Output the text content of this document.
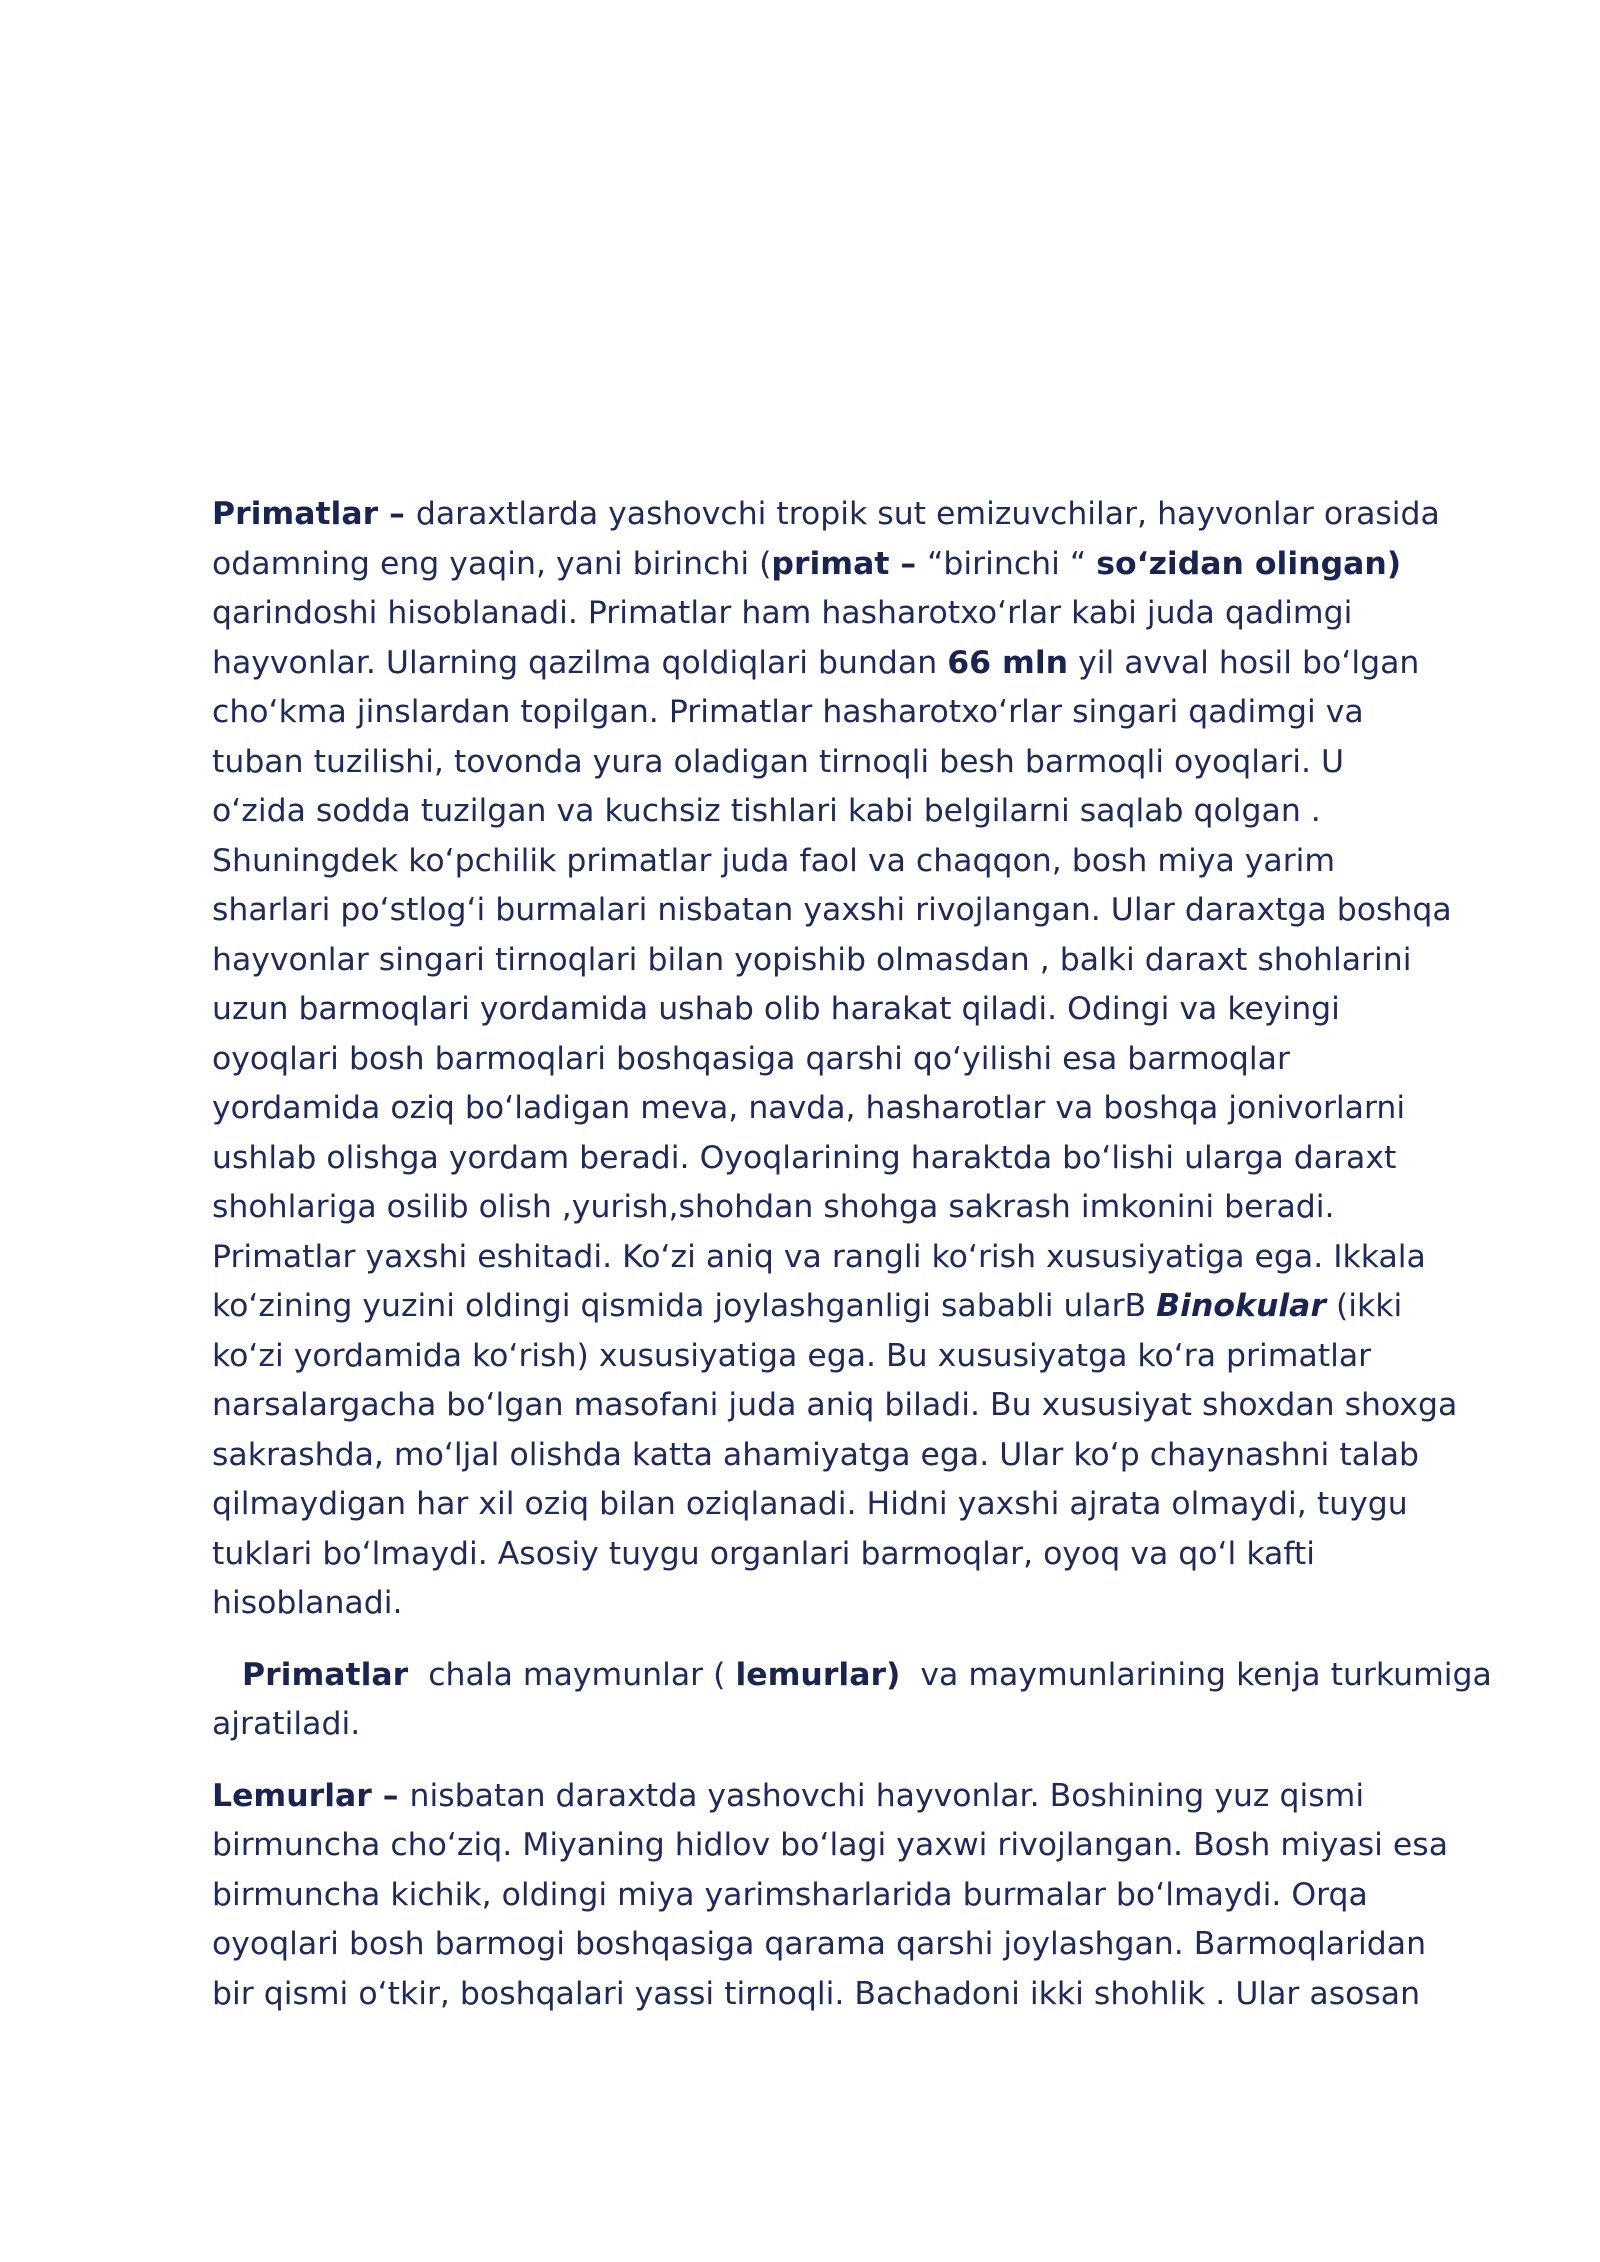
Primatlar – daraxtlarda yashovchi tropik sut emizuvchilar, hayvonlar orasida
odamning eng yaqin, yani birinchi (primat – “birinchi “ so‘zidan olingan)
qarindoshi hisoblanadi. Primatlar ham hasharotxo‘rlar kabi juda qadimgi
hayvonlar. Ularning qazilma qoldiqlari bundan 66 mln yil avval hosil bo‘lgan
cho‘kma jinslardan topilgan. Primatlar hasharotxo‘rlar singari qadimgi va
tuban tuzilishi, tovonda yura oladigan tirnoqli besh barmoqli oyoqlari. U
o‘zida sodda tuzilgan va kuchsiz tishlari kabi belgilarni saqlab qolgan .
Shuningdek ko‘pchilik primatlar juda faol va chaqqon, bosh miya yarim
sharlari po‘stlog‘i burmalari nisbatan yaxshi rivojlangan. Ular daraxtga boshqa
hayvonlar singari tirnoqlari bilan yopishib olmasdan , balki daraxt shohlarini
uzun barmoqlari yordamida ushab olib harakat qiladi. Odingi va keyingi
oyoqlari bosh barmoqlari boshqasiga qarshi qo‘yilishi esa barmoqlar
yordamida oziq bo‘ladigan meva, navda, hasharotlar va boshqa jonivorlarni
ushlab olishga yordam beradi. Oyoqlarining haraktda bo‘lishi ularga daraxt
shohlariga osilib olish ,yurish,shohdan shohga sakrash imkonini beradi.
Primatlar yaxshi eshitadi. Ko‘zi aniq va rangli ko‘rish xususiyatiga ega. Ikkala
ko‘zining yuzini oldingi qismida joylashganligi sababli ularB Binokular (ikki
ko‘zi yordamida ko‘rish) xususiyatiga ega. Bu xususiyatga ko‘ra primatlar
narsalargacha bo‘lgan masofani juda aniq biladi. Bu xususiyat shoxdan shoxga
sakrashda, mo‘ljal olishda katta ahamiyatga ega. Ular ko‘p chaynashni talab
qilmaydigan har xil oziq bilan oziqlanadi. Hidni yaxshi ajrata olmaydi, tuygu
tuklari bo‘lmaydi. Asosiy tuygu organlari barmoqlar, oyoq va qo‘l kafti
hisoblanadi.
Primatlar  chala maymunlar ( lemurlar)  va maymunlarining kenja turkumiga
ajratiladi.
Lemurlar – nisbatan daraxtda yashovchi hayvonlar. Boshining yuz qismi
birmuncha cho‘ziq. Miyaning hidlov bo‘lagi yaxwi rivojlangan. Bosh miyasi esa
birmuncha kichik, oldingi miya yarimsharlarida burmalar bo‘lmaydi. Orqa
oyoqlari bosh barmogi boshqasiga qarama qarshi joylashgan. Barmoqlaridan
bir qismi o‘tkir, boshqalari yassi tirnoqli. Bachadoni ikki shohlik . Ular asosan
